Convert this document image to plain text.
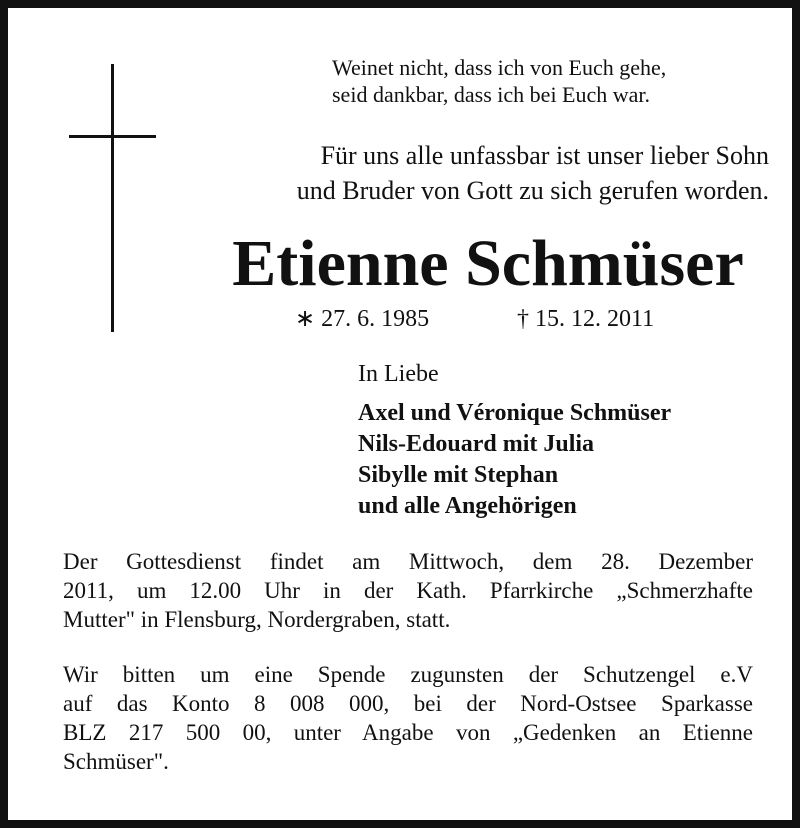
Weinet nicht, dass ich von Euch gehe,
seid dankbar, dass ich bei Euch war.
Für uns alle unfassbar ist unser lieber Sohn
und Bruder von Gott zu sich gerufen worden.
Etienne Schmüser
∗ 27. 6. 1985	† 15. 12. 2011
In Liebe
Axel und Véronique Schmüser
Nils-Edouard mit Julia
Sibylle mit Stephan
und alle Angehörigen
Der Gottesdienst findet am Mittwoch, dem 28. Dezember
2011, um 12.00 Uhr in der Kath. Pfarrkirche „Schmerzhafte
Mutter" in Flensburg, Nordergraben, statt.
Wir bitten um eine Spende zugunsten der Schutzengel e.V
auf das Konto 8 008 000, bei der Nord-Ostsee Sparkasse
BLZ 217 500 00, unter Angabe von „Gedenken an Etienne
Schmüser".
